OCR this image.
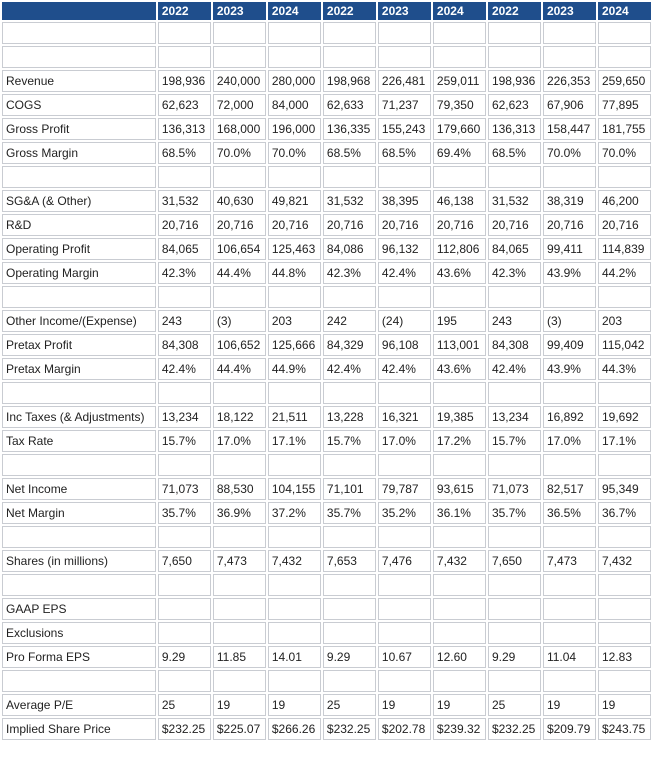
	2022	2023	2024	2022	2023	2024	2022	2023	2024

Revenue	198,936	240,000	280,000	198,968	226,481	259,011	198,936	226,353	259,650
COGS	62,623	72,000	84,000	62,633	71,237	79,350	62,623	67,906	77,895
Gross Profit	136,313	168,000	196,000	136,335	155,243	179,660	136,313	158,447	181,755
Gross Margin	68.5%	70.0%	70.0%	68.5%	68.5%	69.4%	68.5%	70.0%	70.0%

SG&A (& Other)	31,532	40,630	49,821	31,532	38,395	46,138	31,532	38,319	46,200
R&D	20,716	20,716	20,716	20,716	20,716	20,716	20,716	20,716	20,716
Operating Profit	84,065	106,654	125,463	84,086	96,132	112,806	84,065	99,411	114,839
Operating Margin	42.3%	44.4%	44.8%	42.3%	42.4%	43.6%	42.3%	43.9%	44.2%

Other Income/(Expense)	243	(3)	203	242	(24)	195	243	(3)	203
Pretax Profit	84,308	106,652	125,666	84,329	96,108	113,001	84,308	99,409	115,042
Pretax Margin	42.4%	44.4%	44.9%	42.4%	42.4%	43.6%	42.4%	43.9%	44.3%

Inc Taxes (& Adjustments)	13,234	18,122	21,511	13,228	16,321	19,385	13,234	16,892	19,692
Tax Rate	15.7%	17.0%	17.1%	15.7%	17.0%	17.2%	15.7%	17.0%	17.1%

Net Income	71,073	88,530	104,155	71,101	79,787	93,615	71,073	82,517	95,349
Net Margin	35.7%	36.9%	37.2%	35.7%	35.2%	36.1%	35.7%	36.5%	36.7%

Shares (in millions)	7,650	7,473	7,432	7,653	7,476	7,432	7,650	7,473	7,432

GAAP EPS									
Exclusions									
Pro Forma EPS	9.29	11.85	14.01	9.29	10.67	12.60	9.29	11.04	12.83

Average P/E	25	19	19	25	19	19	25	19	19
Implied Share Price	$232.25	$225.07	$266.26	$232.25	$202.78	$239.32	$232.25	$209.79	$243.75
